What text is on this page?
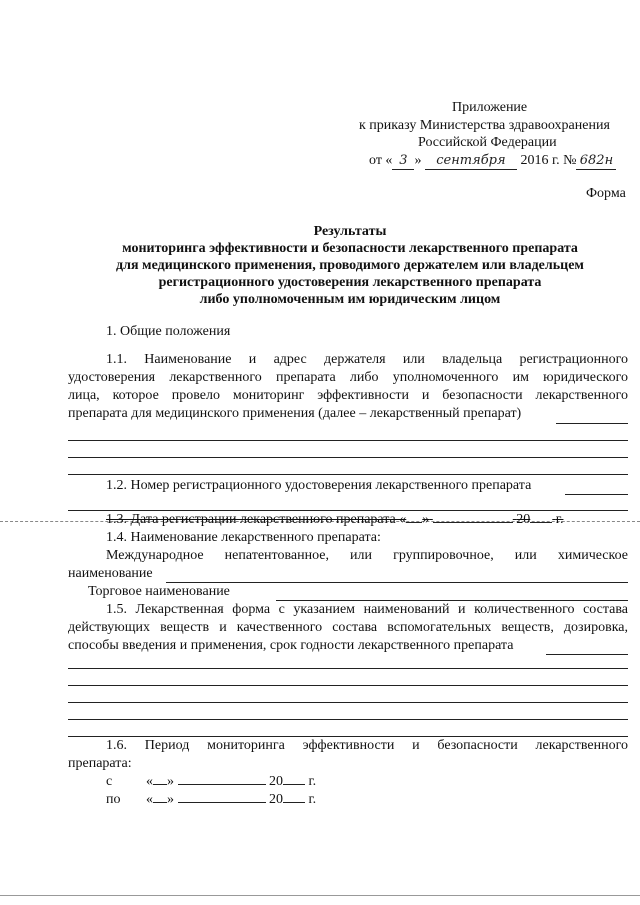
Приложение
к приказу Министерства здравоохранения
Российской Федерации
от « 3 » сентября 2016 г. № 682н
Форма
Результаты
мониторинга эффективности и безопасности лекарственного препарата
для медицинского применения, проводимого держателем или владельцем
регистрационного удостоверения лекарственного препарата
либо уполномоченным им юридическим лицом
1. Общие положения
1.1. Наименование и адрес держателя или владельца регистрационного
удостоверения лекарственного препарата либо уполномоченного им юридического
лица, которое провело мониторинг эффективности и безопасности лекарственного
препарата для медицинского применения (далее – лекарственный препарат)
1.2. Номер регистрационного удостоверения лекарственного препарата
1.3. Дата регистрации лекарственного препарата « »	20 г.
1.4. Наименование лекарственного препарата:
Международное непатентованное, или группировочное, или химическое
наименование
Торговое наименование
1.5. Лекарственная форма с указанием наименований и количественного состава
действующих веществ и качественного состава вспомогательных веществ, дозировка,
способы введения и применения, срок годности лекарственного препарата
1.6. Период мониторинга эффективности и безопасности лекарственного
препарата:
с « »	20 г.
по « »	20 г.
